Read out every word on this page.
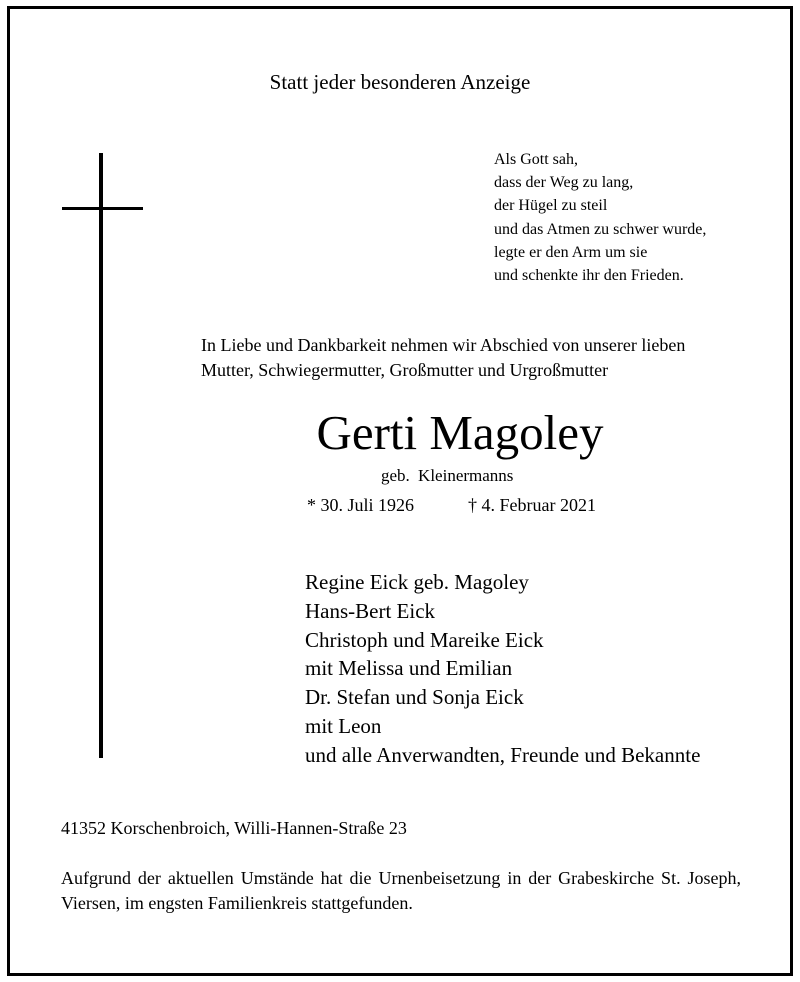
Statt jeder besonderen Anzeige
Als Gott sah,
dass der Weg zu lang,
der Hügel zu steil
und das Atmen zu schwer wurde,
legte er den Arm um sie
und schenkte ihr den Frieden.
In Liebe und Dankbarkeit nehmen wir Abschied von unserer lieben
Mutter, Schwiegermutter, Großmutter und Urgroßmutter
Gerti Magoley
geb. Kleinermanns
* 30. Juli 1926	† 4. Februar 2021
Regine Eick geb. Magoley
Hans-Bert Eick
Christoph und Mareike Eick
mit Melissa und Emilian
Dr. Stefan und Sonja Eick
mit Leon
und alle Anverwandten, Freunde und Bekannte
41352 Korschenbroich, Willi-Hannen-Straße 23
Aufgrund der aktuellen Umstände hat die Urnenbeisetzung in der Grabeskirche St. Joseph, Viersen, im engsten Familienkreis stattgefunden.
